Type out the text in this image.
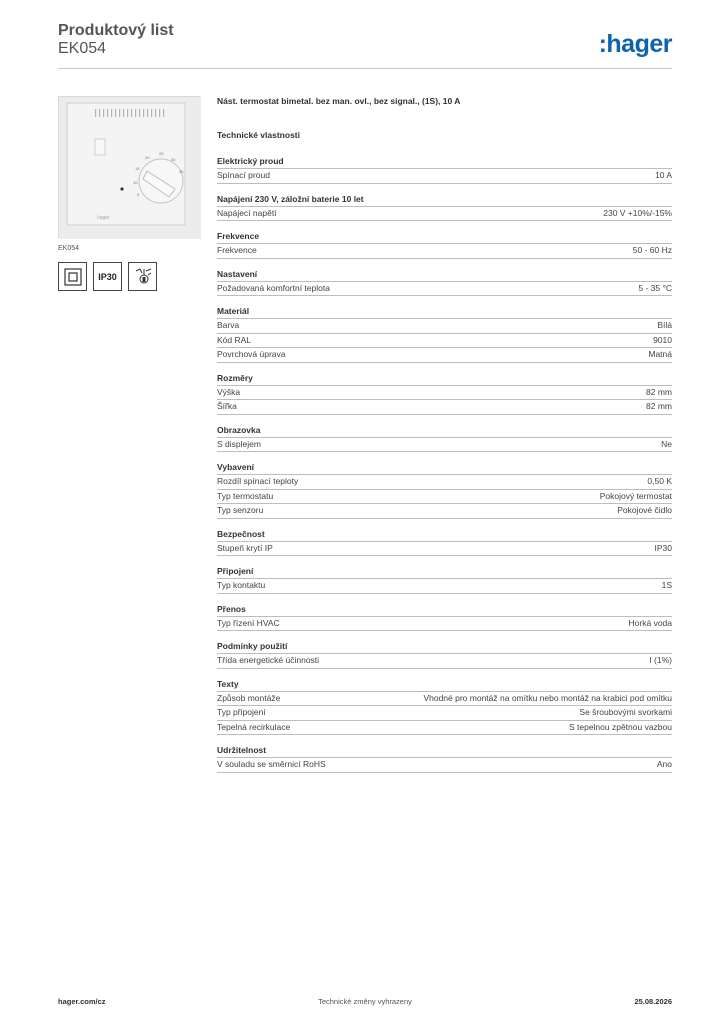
Produktový list
EK054	:hager
5
10
15
20
25
30
35
hager
EK054
IP30
Nást. termostat bimetal. bez man. ovl., bez signal., (1S), 10 A
Technické vlastnosti
Elektrický proud
Spínací proud	10 A
Napájení 230 V, záložní baterie 10 let
Napájecí napětí	230 V +10%/-15%
Frekvence
Frekvence	50 - 60 Hz
Nastavení
Požadovaná komfortní teplota	5 - 35 °C
Materiál
Barva	Bílá
Kód RAL	9010
Povrchová úprava	Matná
Rozměry
Výška	82 mm
Šířka	82 mm
Obrazovka
S displejem	Ne
Vybavení
Rozdíl spínací teploty	0,50 K
Typ termostatu	Pokojový termostat
Typ senzoru	Pokojové čidlo
Bezpečnost
Stupeň krytí IP	IP30
Připojení
Typ kontaktu	1S
Přenos
Typ řízení HVAC	Horká voda
Podmínky použití
Třída energetické účinnosti	I (1%)
Texty
Způsob montáže	Vhodné pro montáž na omítku nebo montáž na krabici pod omítku
Typ připojení	Se šroubovými svorkami
Tepelná recirkulace	S tepelnou zpětnou vazbou
Udržitelnost
V souladu se směrnicí RoHS	Ano
hager.com/cz	Technické změny vyhrazeny	25.08.2026
